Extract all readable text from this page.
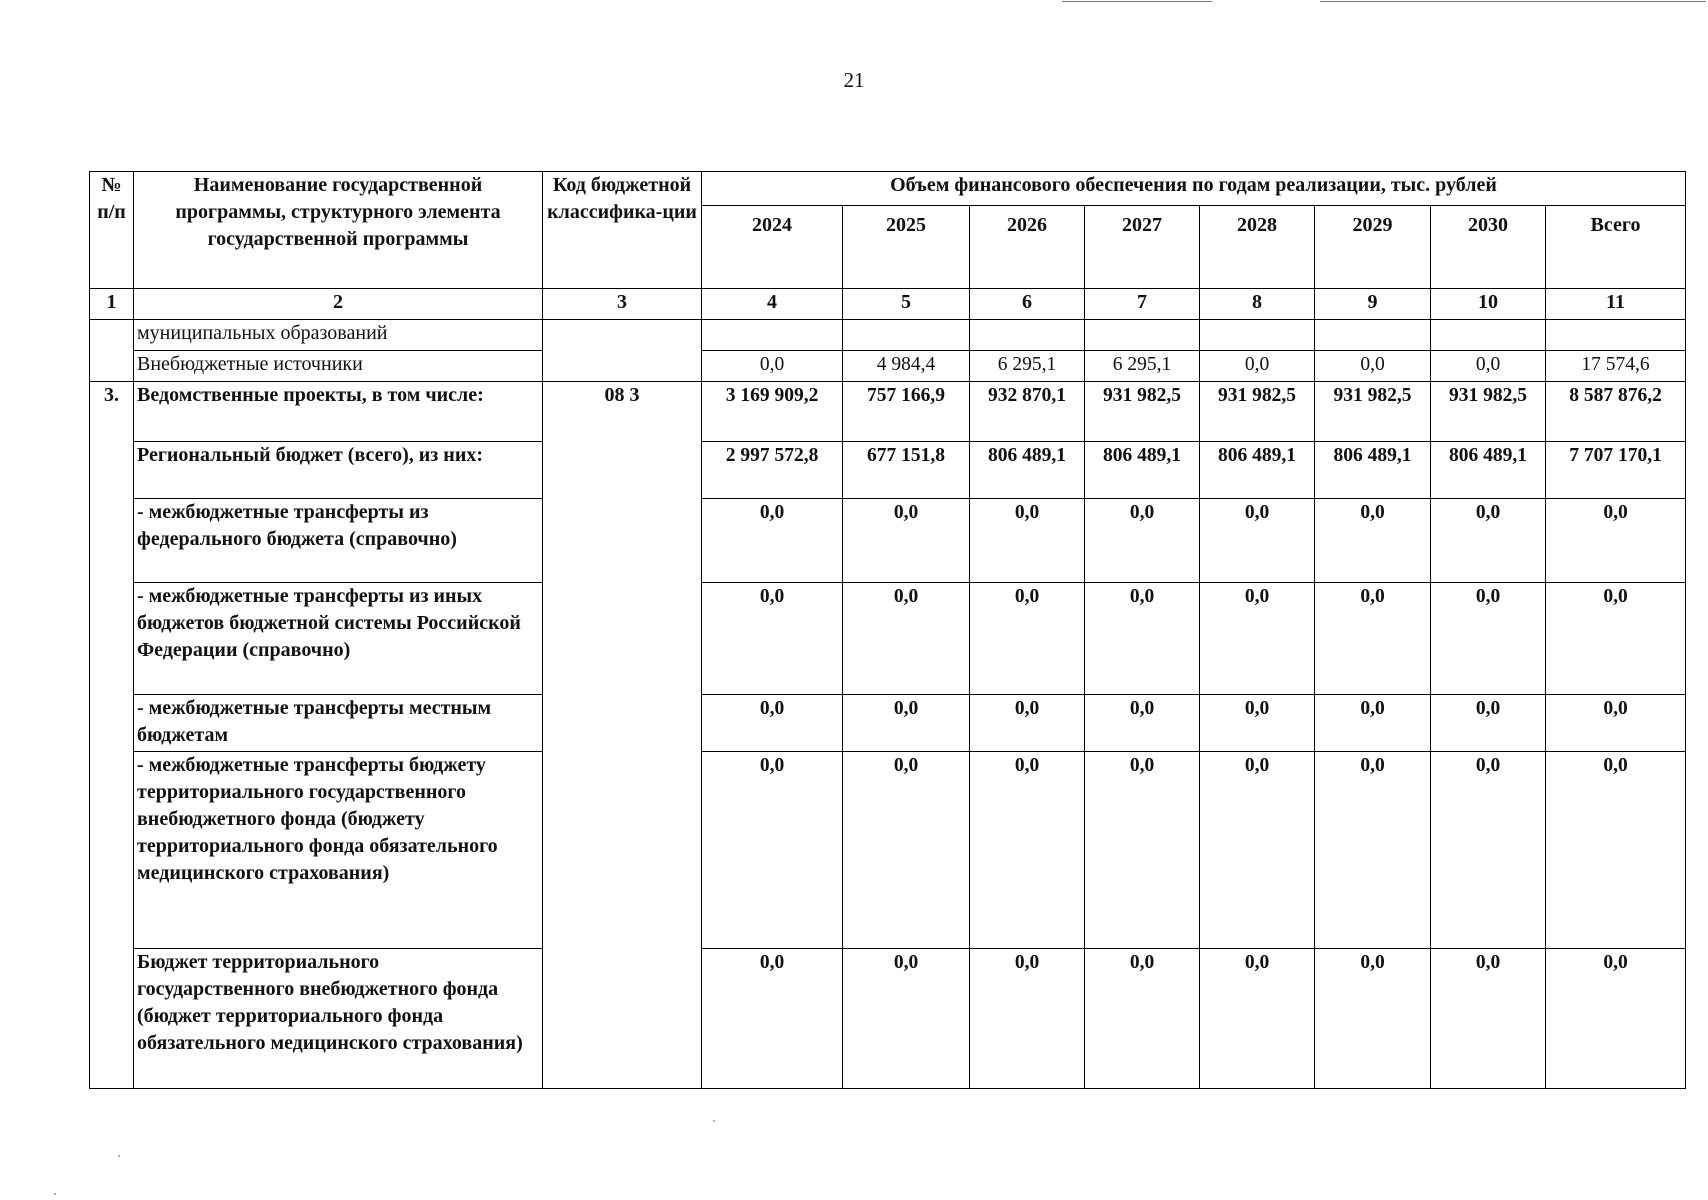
21
№ п/п	Наименование государственной программы, структурного элемента государственной программы	Код бюджетной классифика-ции	Объем финансового обеспечения по годам реализации, тыс. рублей							
			2024	2025	2026	2027	2028	2029	2030	Всего
1	2	3	4	5	6	7	8	9	10	11
	муниципальных образований									
	Внебюджетные источники		0,0	4 984,4	6 295,1	6 295,1	0,0	0,0	0,0	17 574,6
3.	Ведомственные проекты, в том числе:	08 3	3 169 909,2	757 166,9	932 870,1	931 982,5	931 982,5	931 982,5	931 982,5	8 587 876,2
	Региональный бюджет (всего), из них:		2 997 572,8	677 151,8	806 489,1	806 489,1	806 489,1	806 489,1	806 489,1	7 707 170,1
	- межбюджетные трансферты из федерального бюджета (справочно)		0,0	0,0	0,0	0,0	0,0	0,0	0,0	0,0
	- межбюджетные трансферты из иных бюджетов бюджетной системы Российской Федерации (справочно)		0,0	0,0	0,0	0,0	0,0	0,0	0,0	0,0
	- межбюджетные трансферты местным бюджетам		0,0	0,0	0,0	0,0	0,0	0,0	0,0	0,0
	- межбюджетные трансферты бюджету территориального государственного внебюджетного фонда (бюджету территориального фонда обязательного медицинского страхования)		0,0	0,0	0,0	0,0	0,0	0,0	0,0	0,0
	Бюджет территориального государственного внебюджетного фонда (бюджет территориального фонда обязательного медицинского страхования)		0,0	0,0	0,0	0,0	0,0	0,0	0,0	0,0
